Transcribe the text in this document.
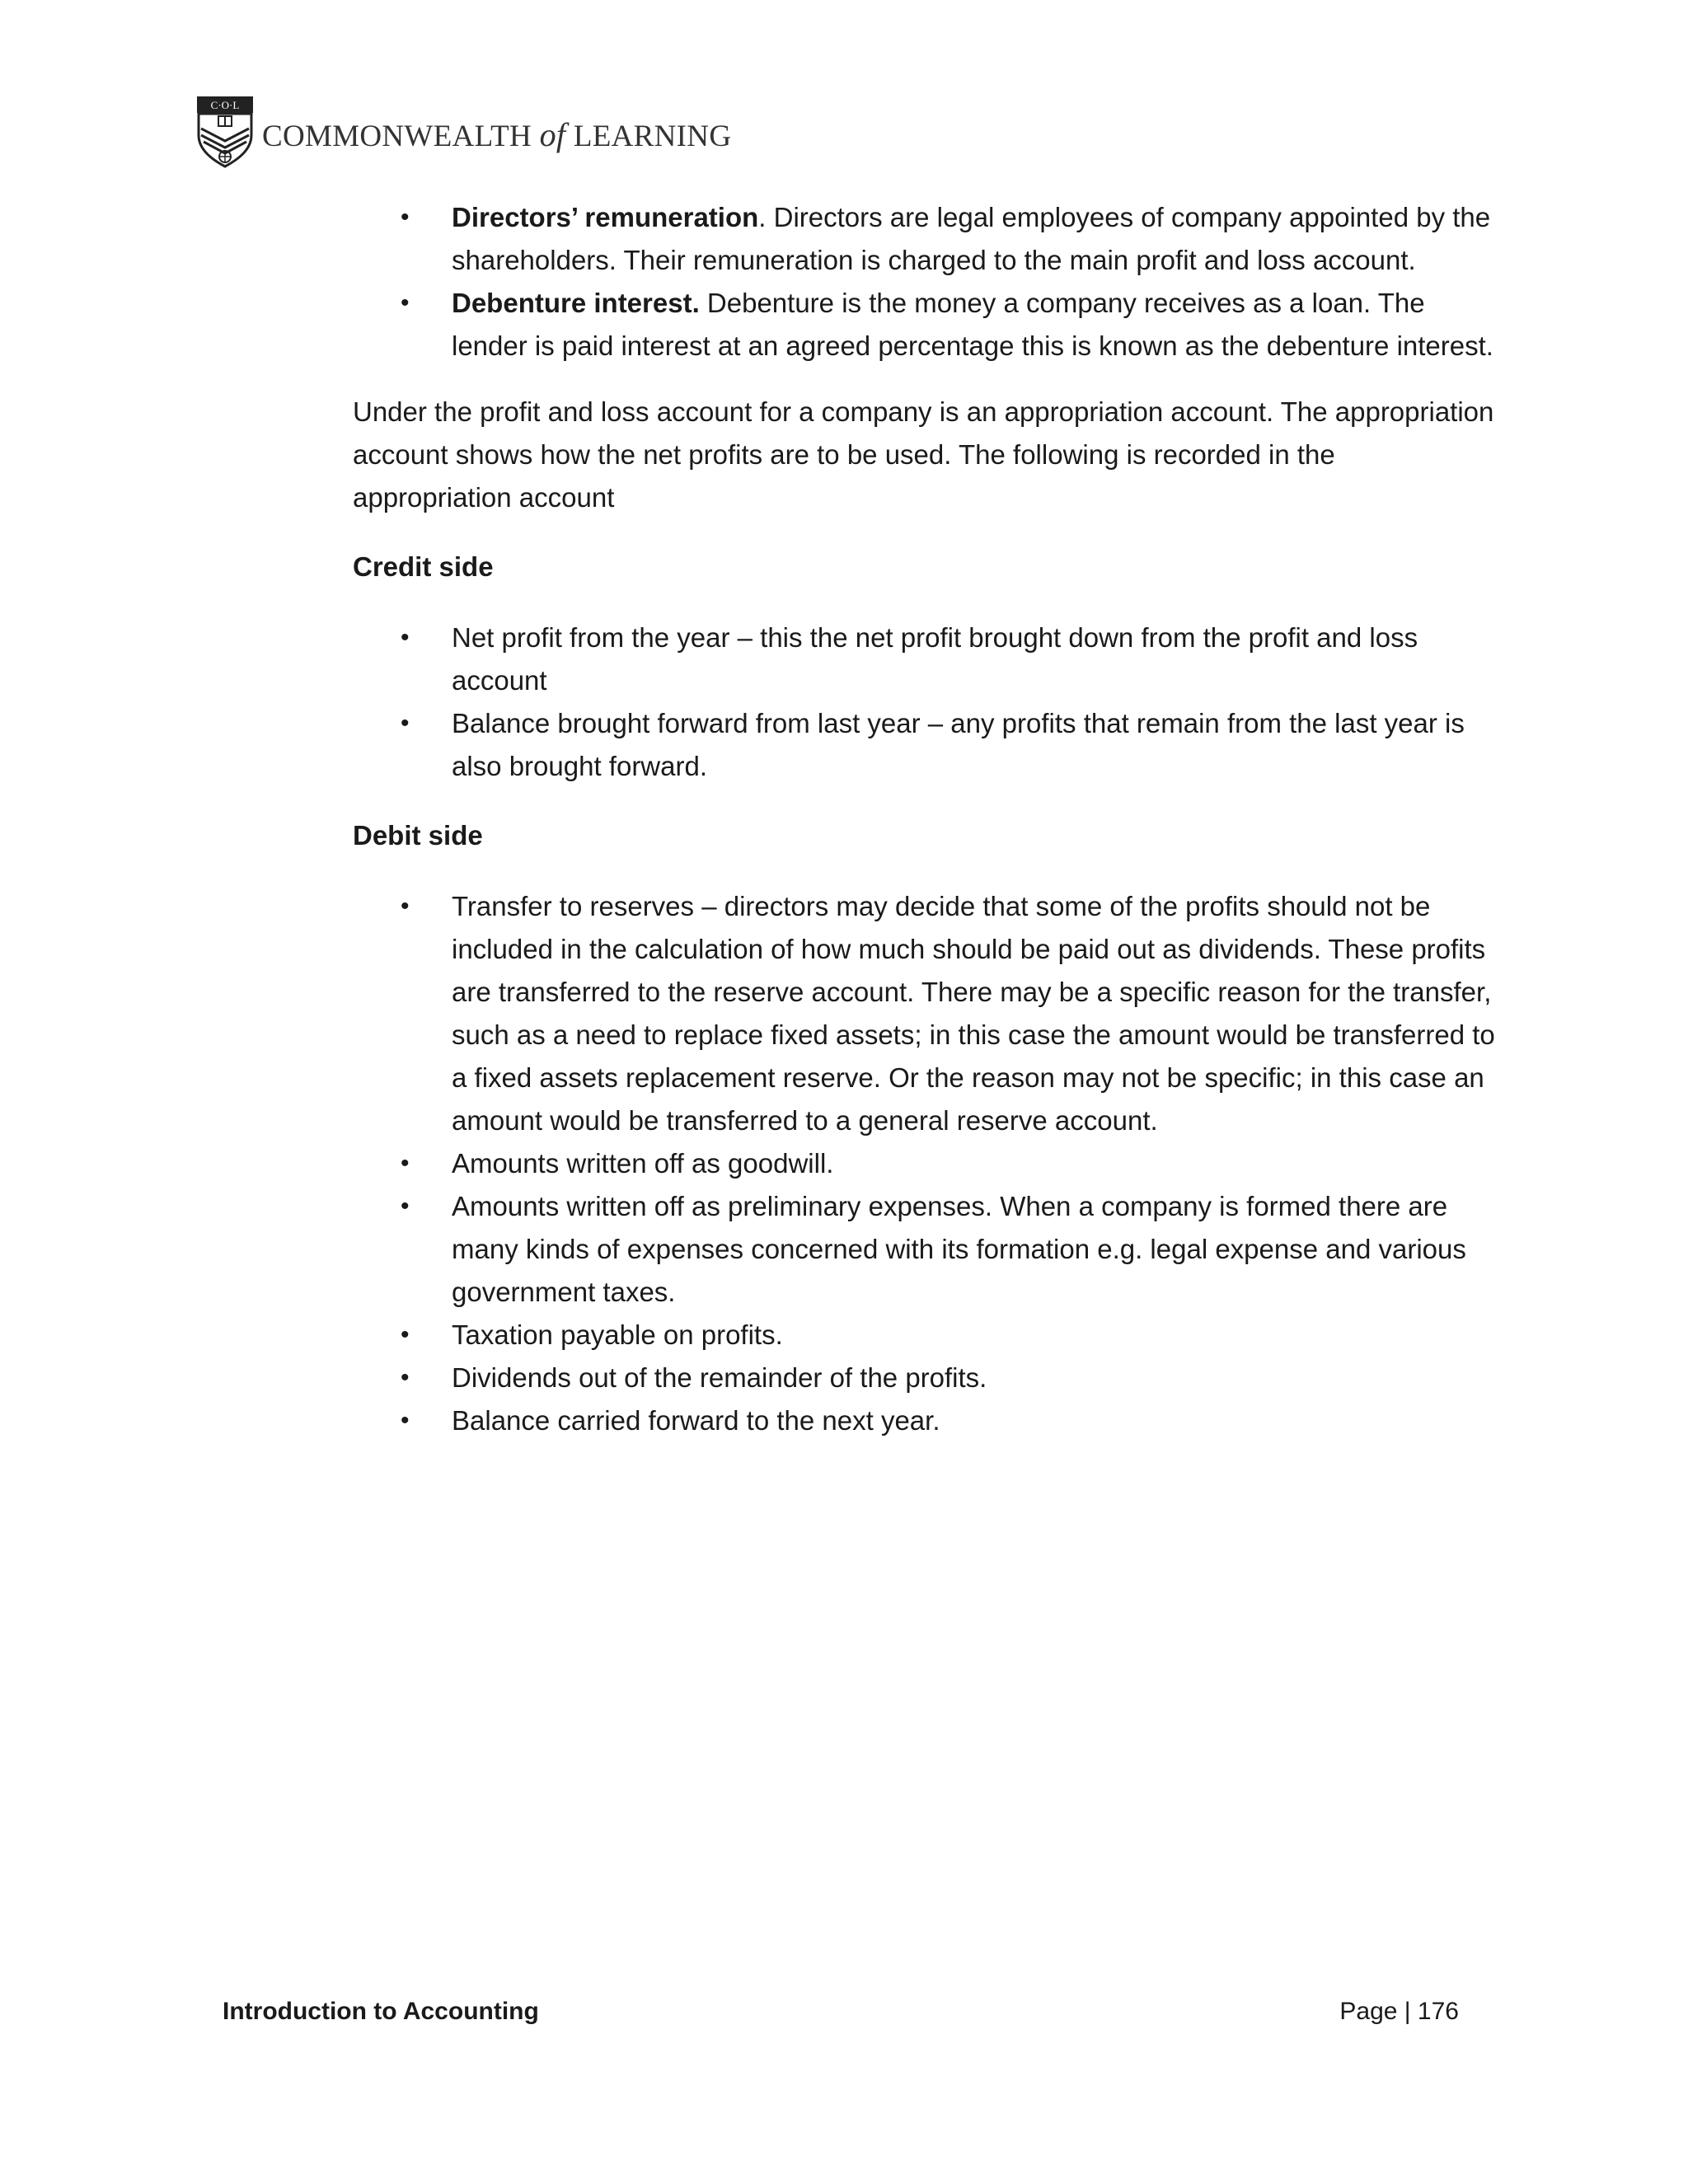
C·O·L
COMMONWEALTH of LEARNING
• Directors’ remuneration. Directors are legal employees of company appointed by the shareholders. Their remuneration is charged to the main profit and loss account.
• Debenture interest. Debenture is the money a company receives as a loan. The lender is paid interest at an agreed percentage this is known as the debenture interest.

Under the profit and loss account for a company is an appropriation account. The appropriation account shows how the net profits are to be used. The following is recorded in the appropriation account

Credit side
• Net profit from the year – this the net profit brought down from the profit and loss account
• Balance brought forward from last year – any profits that remain from the last year is also brought forward.
Debit side
• Transfer to reserves – directors may decide that some of the profits should not be included in the calculation of how much should be paid out as dividends. These profits are transferred to the reserve account. There may be a specific reason for the transfer, such as a need to replace fixed assets; in this case the amount would be transferred to a fixed assets replacement reserve. Or the reason may not be specific; in this case an amount would be transferred to a general reserve account.
• Amounts written off as goodwill.
• Amounts written off as preliminary expenses. When a company is formed there are many kinds of expenses concerned with its formation e.g. legal expense and various government taxes.
• Taxation payable on profits.
• Dividends out of the remainder of the profits.
• Balance carried forward to the next year.
Introduction to Accounting	Page | 176
